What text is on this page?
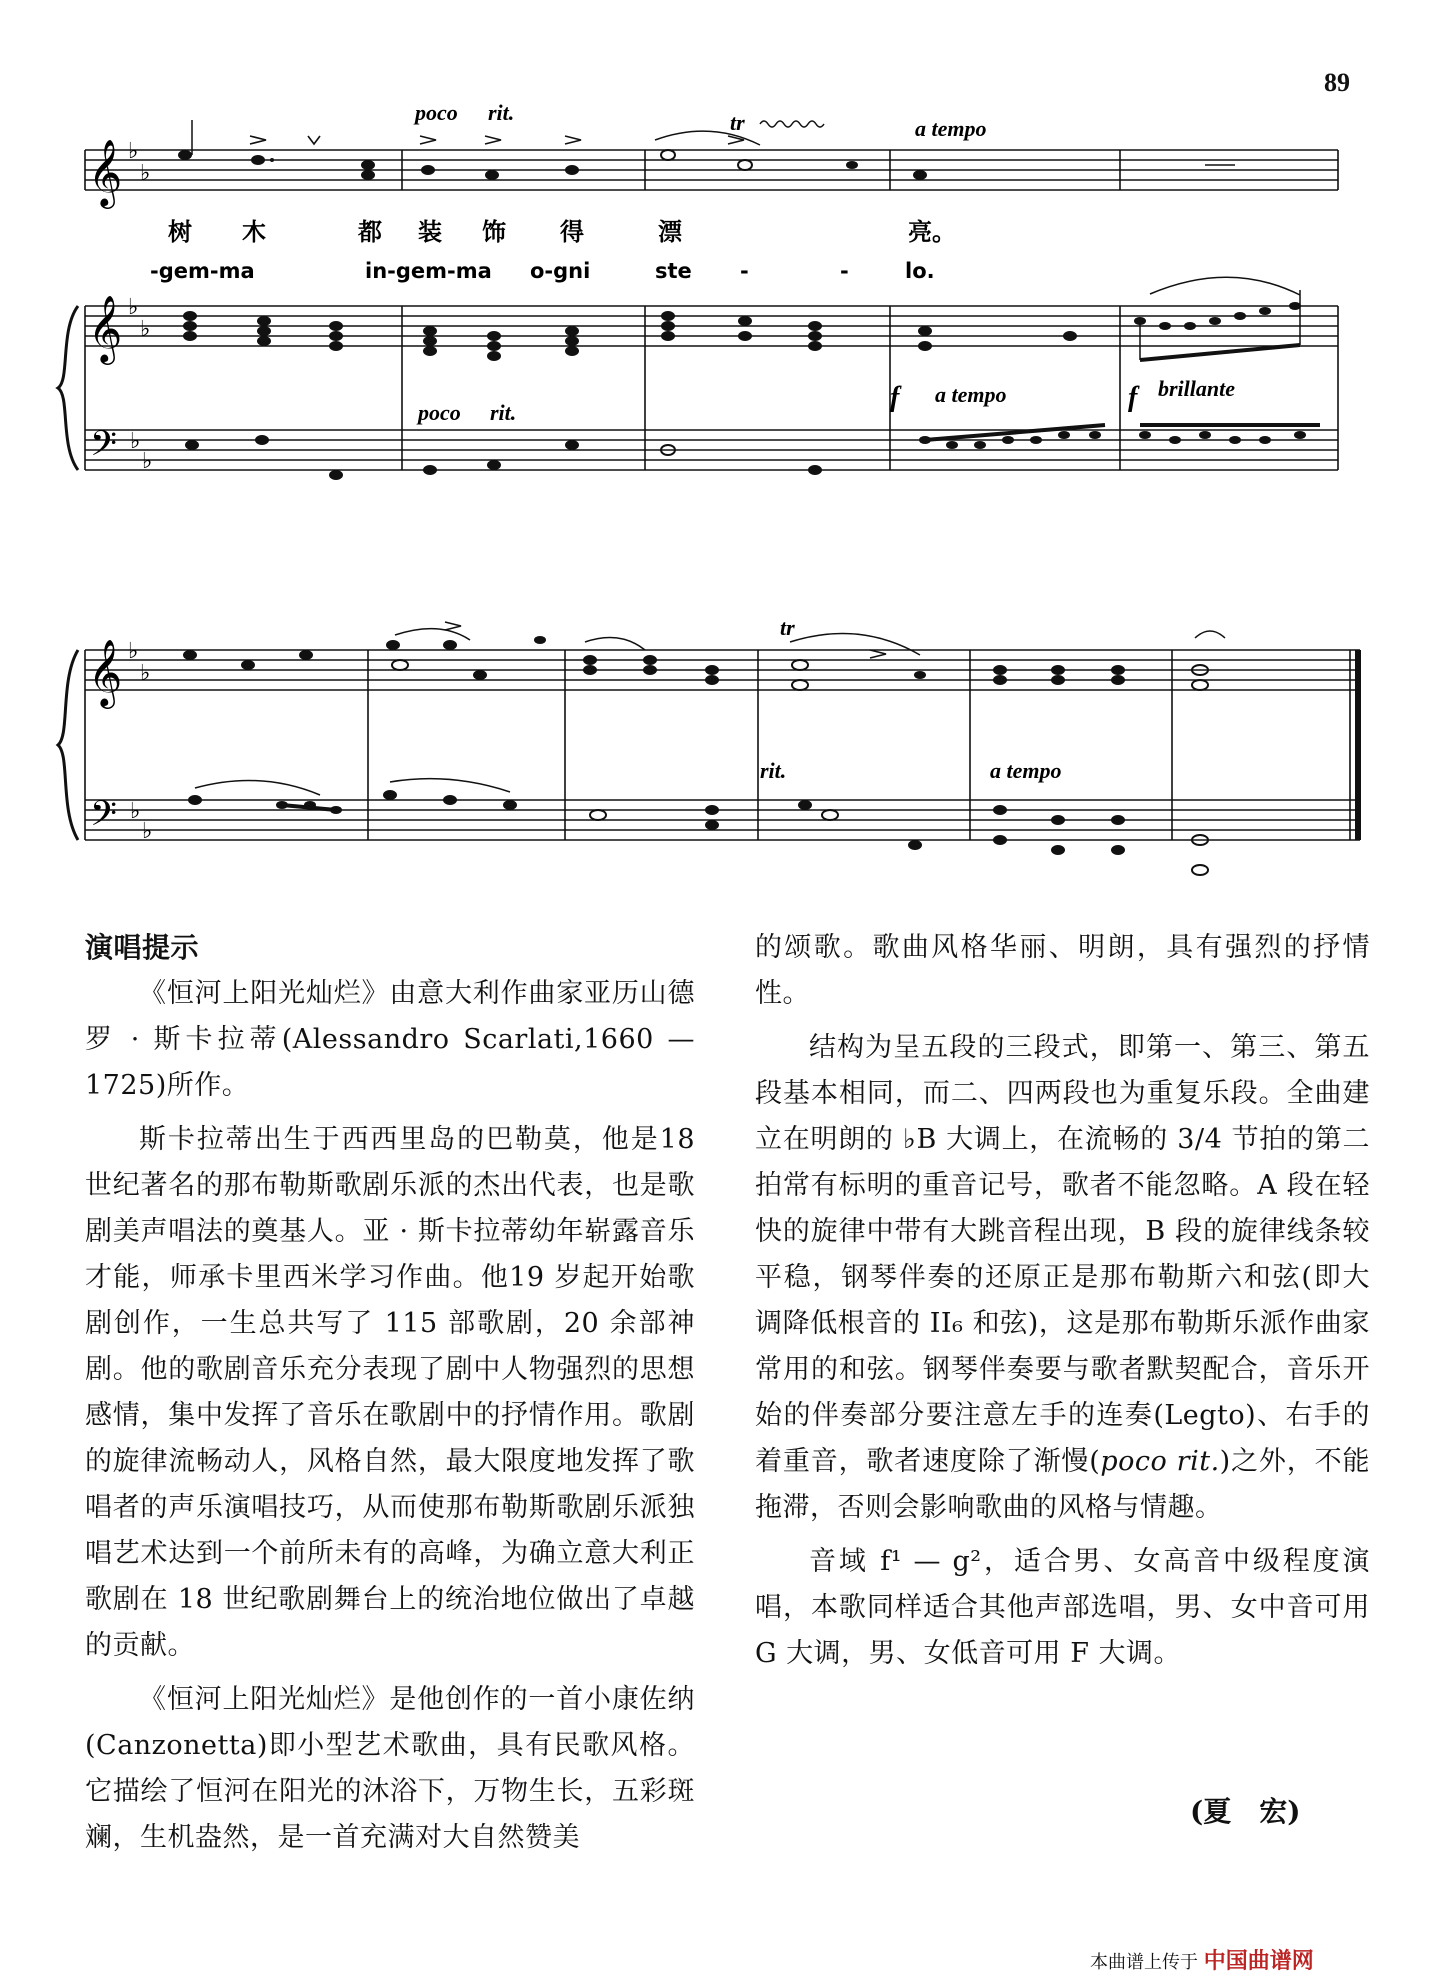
89
𝄞
𝄞
𝄢
♭
♭
♭
♭
♭
♭
poco rit.	tr	a tempo
树 木	都 装 饰 得	漂	亮。
-gem-ma	in-gem-ma o-gni	ste -	-	lo.
poco rit.	f a tempo	f brillante
𝄞
𝄢
♭
♭
♭
♭
tr
rit.	a tempo
演唱提示

《恒河上阳光灿烂》由意大利作曲家亚历山德罗 · 斯卡拉蒂(Alessandro Scarlati,1660 —1725)所作。

斯卡拉蒂出生于西西里岛的巴勒莫，他是18 世纪著名的那布勒斯歌剧乐派的杰出代表，也是歌剧美声唱法的奠基人。亚 · 斯卡拉蒂幼年崭露音乐才能，师承卡里西米学习作曲。他19 岁起开始歌剧创作，一生总共写了 115 部歌剧，20 余部神剧。他的歌剧音乐充分表现了剧中人物强烈的思想感情，集中发挥了音乐在歌剧中的抒情作用。歌剧的旋律流畅动人，风格自然，最大限度地发挥了歌唱者的声乐演唱技巧，从而使那布勒斯歌剧乐派独唱艺术达到一个前所未有的高峰，为确立意大利正歌剧在 18 世纪歌剧舞台上的统治地位做出了卓越的贡献。

《恒河上阳光灿烂》是他创作的一首小康佐纳(Canzonetta)即小型艺术歌曲，具有民歌风格。它描绘了恒河在阳光的沐浴下，万物生长，五彩斑斓，生机盎然，是一首充满对大自然赞美

的颂歌。歌曲风格华丽、明朗，具有强烈的抒情性。

结构为呈五段的三段式，即第一、第三、第五段基本相同，而二、四两段也为重复乐段。全曲建立在明朗的 ♭B 大调上，在流畅的 3/4 节拍的第二拍常有标明的重音记号，歌者不能忽略。A 段在轻快的旋律中带有大跳音程出现，B 段的旋律线条较平稳，钢琴伴奏的还原正是那布勒斯六和弦(即大调降低根音的 II₆ 和弦)，这是那布勒斯乐派作曲家常用的和弦。钢琴伴奏要与歌者默契配合，音乐开始的伴奏部分要注意左手的连奏(Legto)、右手的着重音，歌者速度除了渐慢(poco rit.)之外，不能拖滞，否则会影响歌曲的风格与情趣。

音域 f¹ — g²，适合男、女高音中级程度演唱，本歌同样适合其他声部选唱，男、女中音可用 G 大调，男、女低音可用 F 大调。

(夏　宏)
本曲谱上传于 中国曲谱网
